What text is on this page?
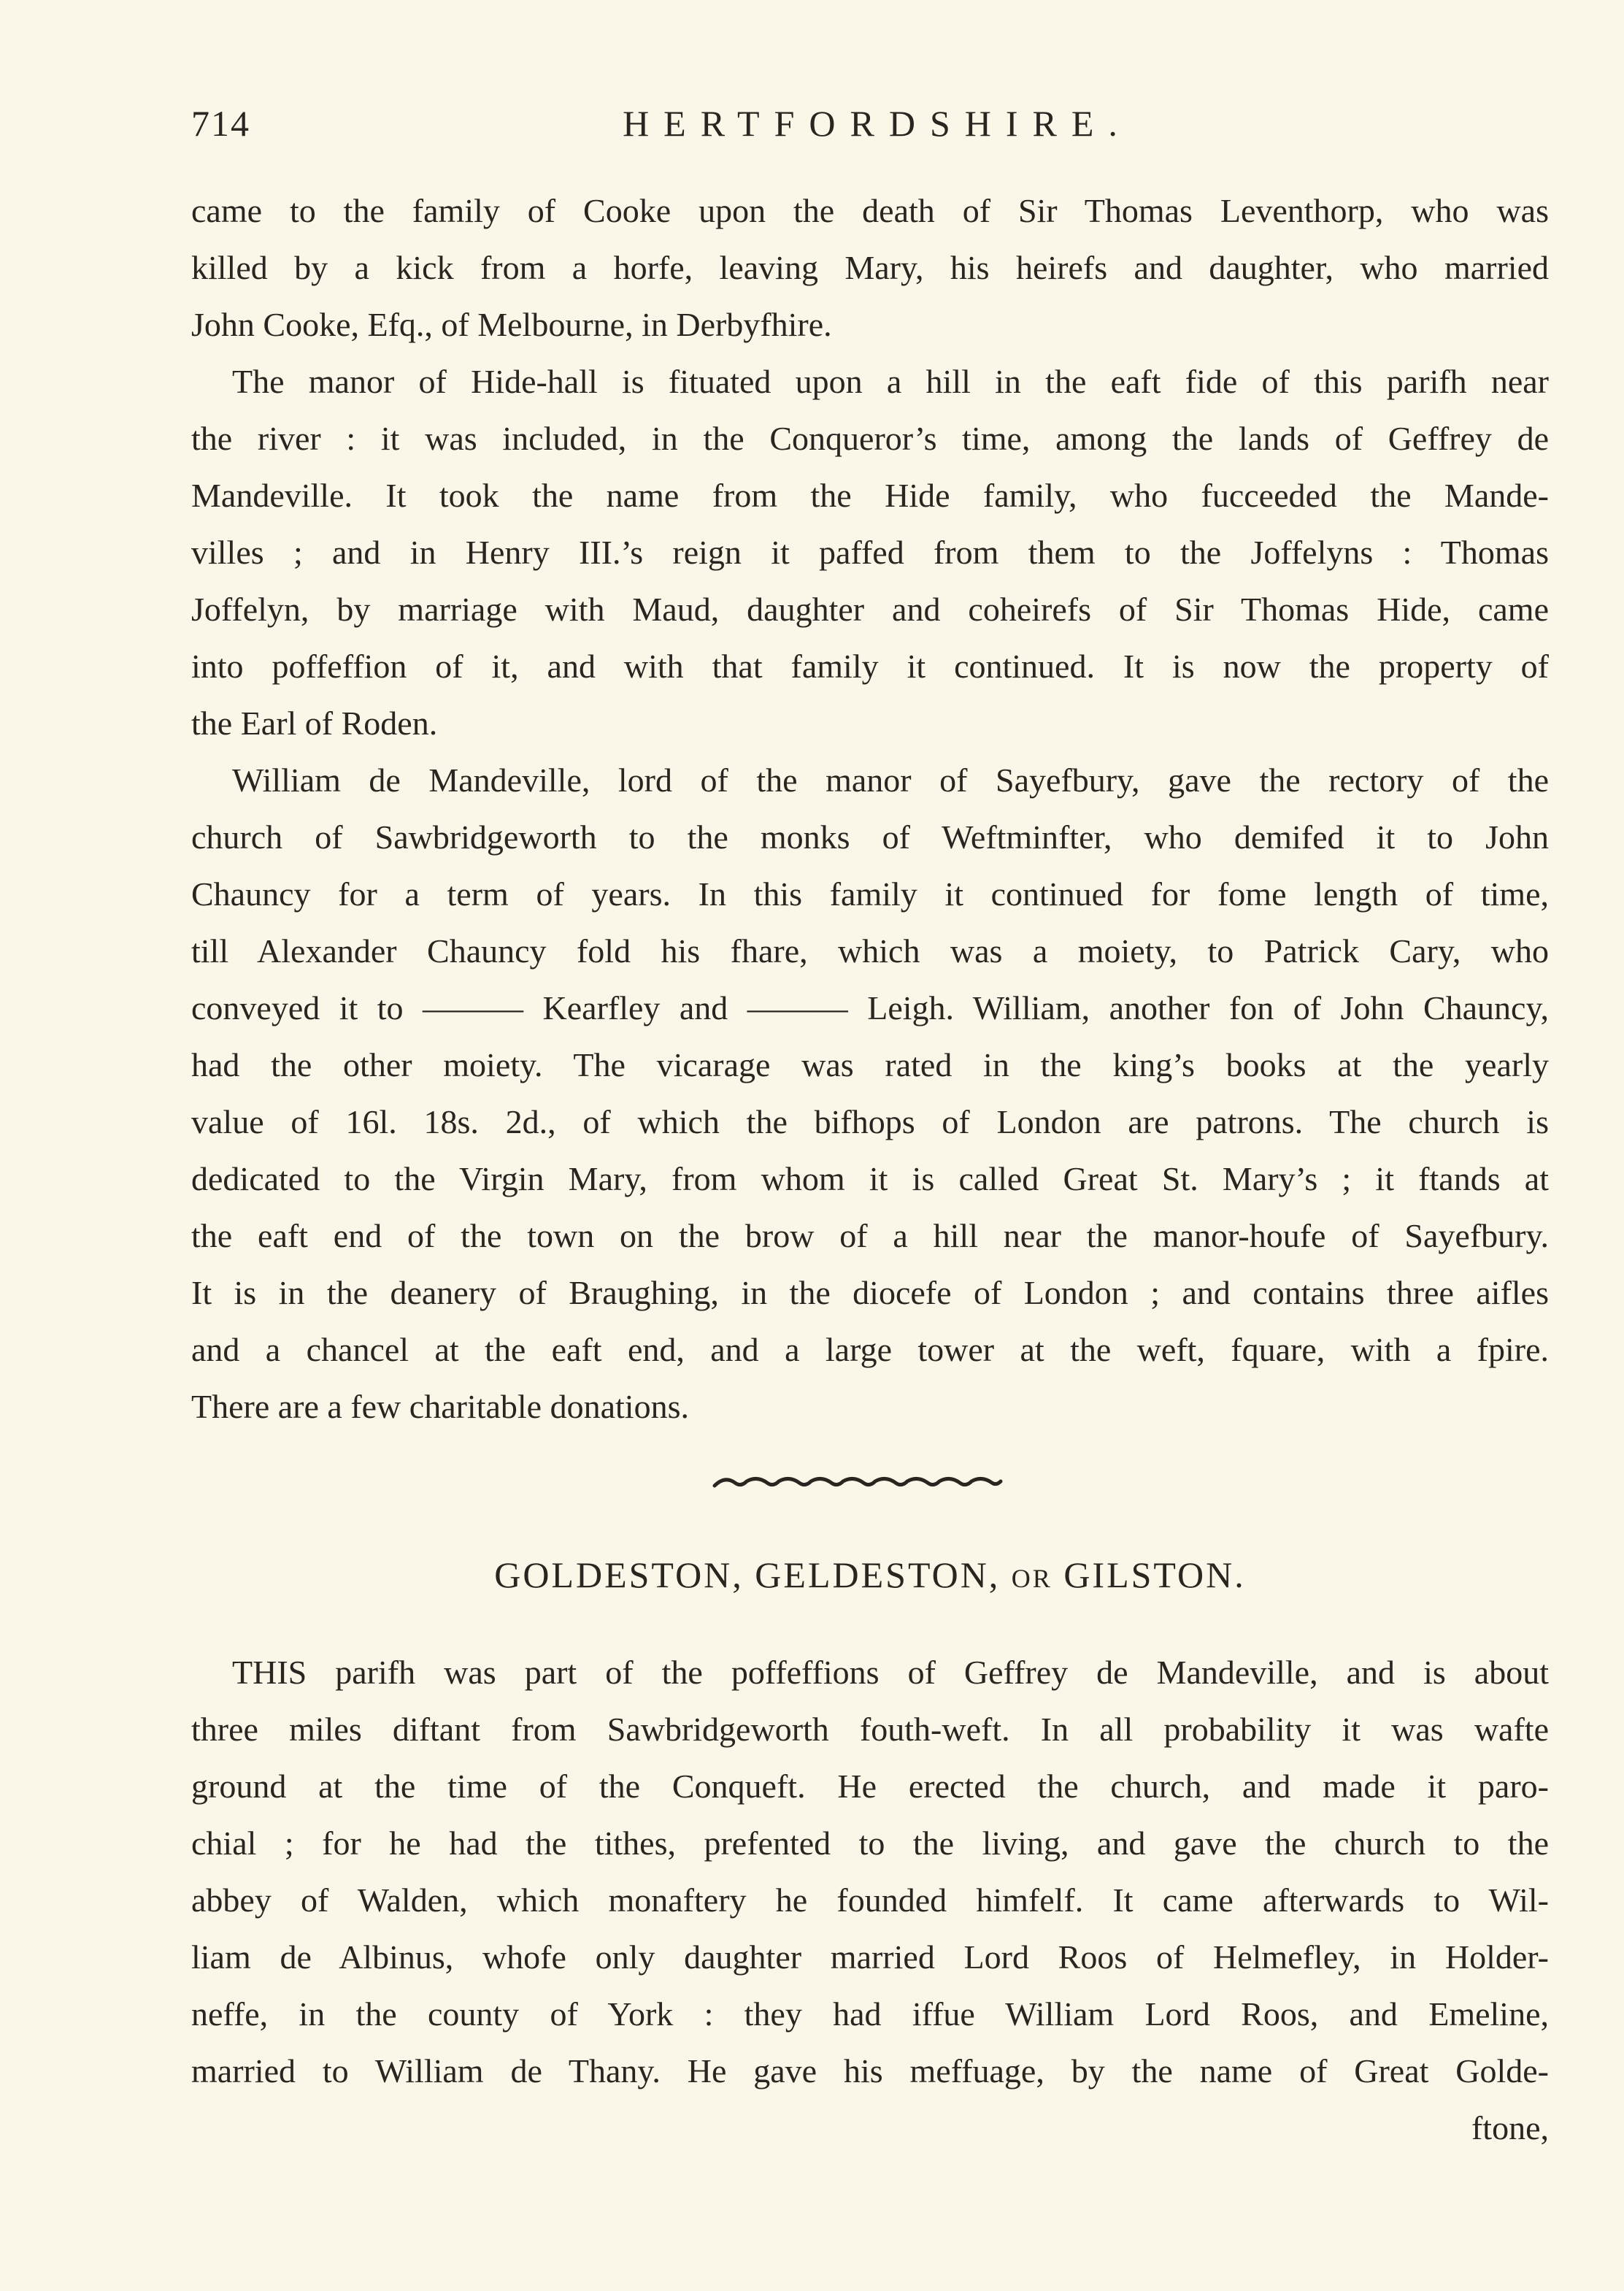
714	HERTFORDSHIRE.
came to the family of Cooke upon the death of Sir Thomas Leventhorp, who was
killed by a kick from a horfe, leaving Mary, his heirefs and daughter, who married
John Cooke, Efq., of Melbourne, in Derbyfhire.
The manor of Hide-hall is fituated upon a hill in the eaft fide of this parifh near
the river : it was included, in the Conqueror’s time, among the lands of Geffrey de
Mandeville. It took the name from the Hide family, who fucceeded the Mande-
villes ; and in Henry III.’s reign it paffed from them to the Joffelyns : Thomas
Joffelyn, by marriage with Maud, daughter and coheirefs of Sir Thomas Hide, came
into poffeffion of it, and with that family it continued. It is now the property of
the Earl of Roden.
William de Mandeville, lord of the manor of Sayefbury, gave the rectory of the
church of Sawbridgeworth to the monks of Weftminfter, who demifed it to John
Chauncy for a term of years. In this family it continued for fome length of time,
till Alexander Chauncy fold his fhare, which was a moiety, to Patrick Cary, who
conveyed it to ——— Kearfley and ——— Leigh. William, another fon of John Chauncy,
had the other moiety. The vicarage was rated in the king’s books at the yearly
value of 16l. 18s. 2d., of which the bifhops of London are patrons. The church is
dedicated to the Virgin Mary, from whom it is called Great St. Mary’s ; it ftands at
the eaft end of the town on the brow of a hill near the manor-houfe of Sayefbury.
It is in the deanery of Braughing, in the diocefe of London ; and contains three aifles
and a chancel at the eaft end, and a large tower at the weft, fquare, with a fpire.
There are a few charitable donations.
GOLDESTON, GELDESTON, OR GILSTON.
THIS parifh was part of the poffeffions of Geffrey de Mandeville, and is about
three miles diftant from Sawbridgeworth fouth-weft. In all probability it was wafte
ground at the time of the Conqueft. He erected the church, and made it paro-
chial ; for he had the tithes, prefented to the living, and gave the church to the
abbey of Walden, which monaftery he founded himfelf. It came afterwards to Wil-
liam de Albinus, whofe only daughter married Lord Roos of Helmefley, in Holder-
neffe, in the county of York : they had iffue William Lord Roos, and Emeline,
married to William de Thany. He gave his meffuage, by the name of Great Golde-
ftone,
